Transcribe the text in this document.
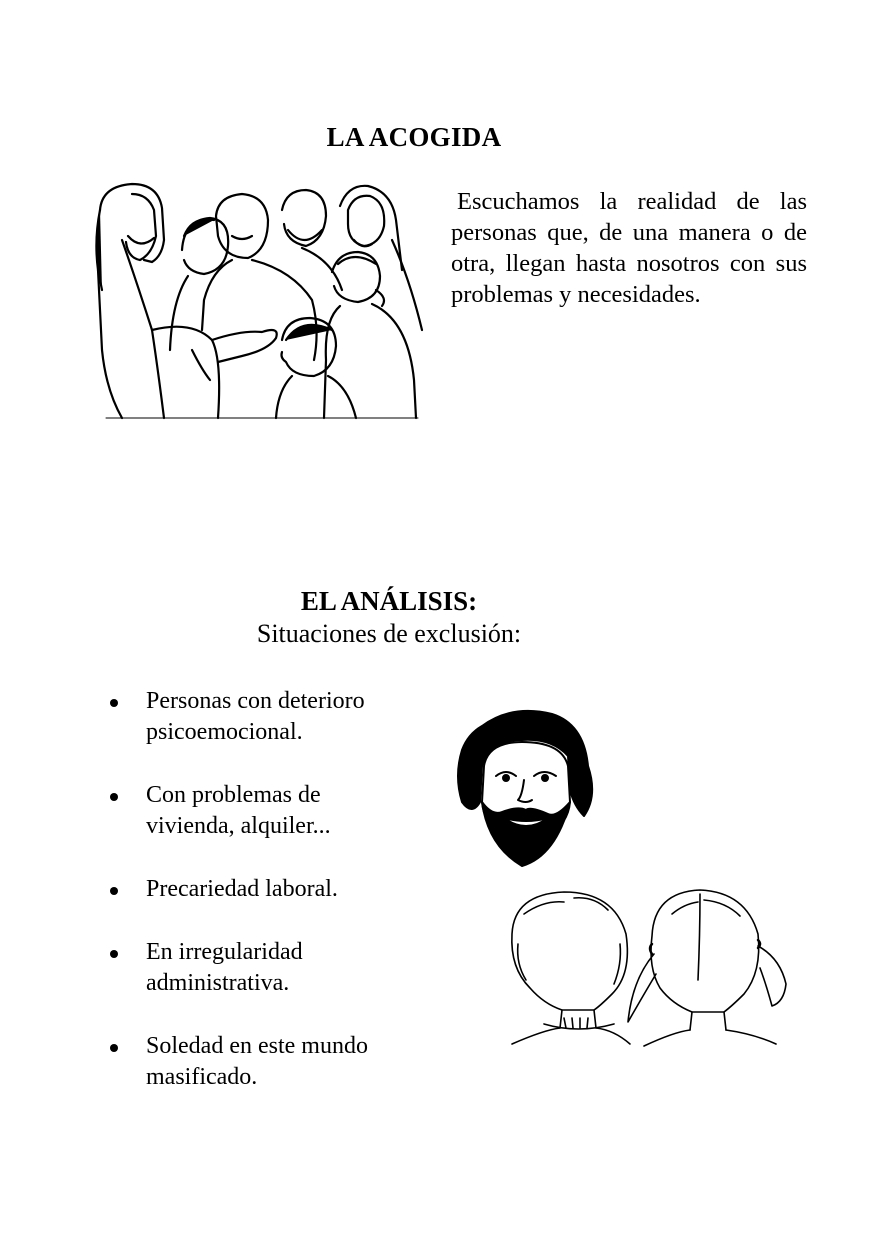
LA ACOGIDA
Escuchamos la realidad de las personas que, de una manera o de otra, llegan hasta nosotros con sus problemas y necesidades.
EL ANÁLISIS:
Situaciones de exclusión:
Personas con deterioro
psicoemocional.
Con problemas de
vivienda, alquiler...
Precariedad laboral.
En irregularidad
administrativa.
Soledad en este mundo
masificado.
